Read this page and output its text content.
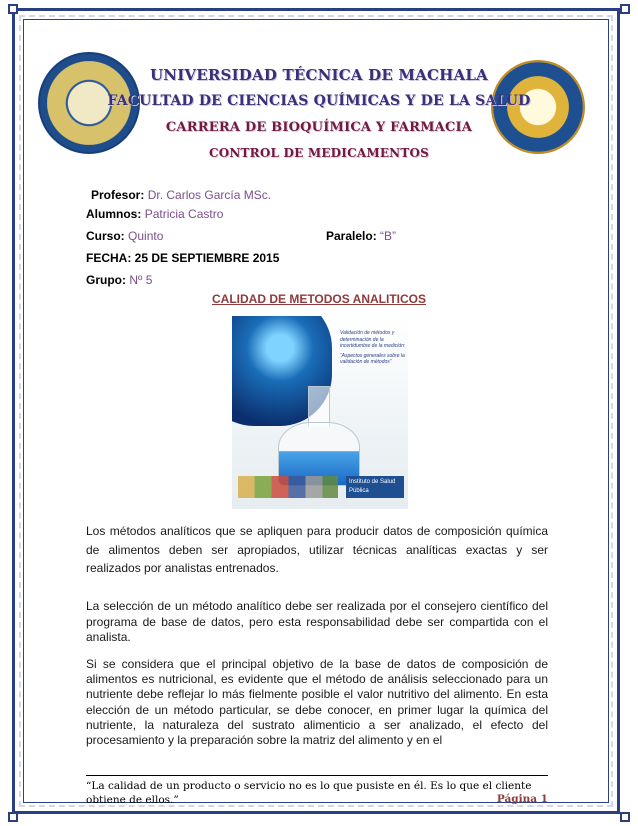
UNIVERSIDAD TÉCNICA DE MACHALA
FACULTAD DE CIENCIAS QUÍMICAS Y DE LA SALUD
CARRERA DE BIOQUÍMICA Y FARMACIA
CONTROL DE MEDICAMENTOS
Profesor: Dr. Carlos García MSc.
Alumnos: Patricia Castro
Curso: Quinto	Paralelo: “B”
FECHA: 25 DE SEPTIEMBRE 2015
Grupo: Nº 5
CALIDAD DE METODOS ANALITICOS
Validación de métodos y determinación de la incertidumbre de la medición:
“Aspectos generales sobre la validación de métodos”
Instituto de Salud Pública
Los métodos analíticos que se apliquen para producir datos de composición química de alimentos deben ser apropiados, utilizar técnicas analíticas exactas y ser realizados por analistas entrenados.
La selección de un método analítico debe ser realizada por el consejero científico del programa de base de datos, pero esta responsabilidad debe ser compartida con el analista.
Si se considera que el principal objetivo de la base de datos de composición de alimentos es nutricional, es evidente que el método de análisis seleccionado para un nutriente debe reflejar lo más fielmente posible el valor nutritivo del alimento. En esta elección de un método particular, se debe conocer, en primer lugar la química del nutriente, la naturaleza del sustrato alimenticio a ser analizado, el efecto del procesamiento y la preparación sobre la matriz del alimento y en el
“La calidad de un producto o servicio no es lo que pusiste en él. Es lo que el cliente obtiene de ellos.”	Página 1
